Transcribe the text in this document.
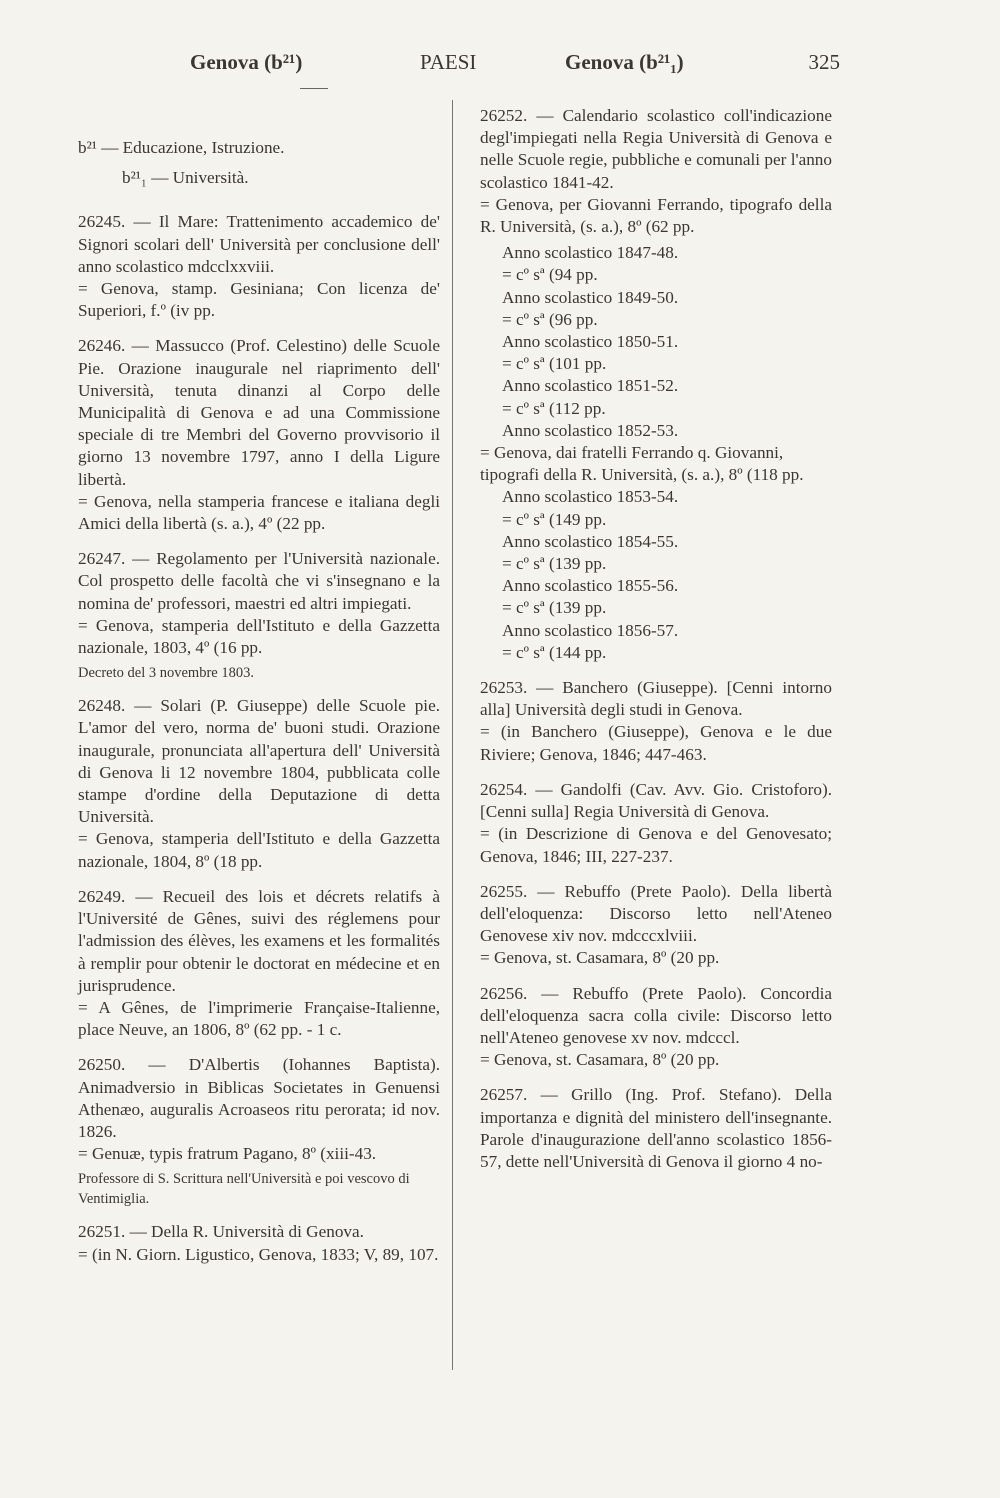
Genova (b²¹)	PAESI	Genova (b²¹₁)	325

b²¹ — Educazione, Istruzione.

b²¹₁ — Università.

26245. — Il Mare: Trattenimento accademico de' Signori scolari dell' Università per conclusione dell' anno scolastico mdcclxxviii.
= Genova, stamp. Gesiniana; Con licenza de' Superiori, f.º (iv pp.

26246. — Massucco (Prof. Celestino) delle Scuole Pie. Orazione inaugurale nel riaprimento dell' Università, tenuta dinanzi al Corpo delle Municipalità di Genova e ad una Commissione speciale di tre Membri del Governo provvisorio il giorno 13 novembre 1797, anno I della Ligure libertà.
= Genova, nella stamperia francese e italiana degli Amici della libertà (s. a.), 4º (22 pp.

26247. — Regolamento per l'Università nazionale. Col prospetto delle facoltà che vi s'insegnano e la nomina de' professori, maestri ed altri impiegati.
= Genova, stamperia dell'Istituto e della Gazzetta nazionale, 1803, 4º (16 pp.

Decreto del 3 novembre 1803.

26248. — Solari (P. Giuseppe) delle Scuole pie. L'amor del vero, norma de' buoni studi. Orazione inaugurale, pronunciata all'apertura dell' Università di Genova li 12 novembre 1804, pubblicata colle stampe d'ordine della Deputazione di detta Università.
= Genova, stamperia dell'Istituto e della Gazzetta nazionale, 1804, 8º (18 pp.

26249. — Recueil des lois et décrets relatifs à l'Université de Gênes, suivi des réglemens pour l'admission des élèves, les examens et les formalités à remplir pour obtenir le doctorat en médecine et en jurisprudence.
= A Gênes, de l'imprimerie Française-Italienne, place Neuve, an 1806, 8º (62 pp. - 1 c.

26250. — D'Albertis (Iohannes Baptista). Animadversio in Biblicas Societates in Genuensi Athenæo, auguralis Acroaseos ritu perorata; id nov. 1826.
= Genuæ, typis fratrum Pagano, 8º (xiii-43.

Professore di S. Scrittura nell'Università e poi vescovo di Ventimiglia.

26251. — Della R. Università di Genova.
= (in N. Giorn. Ligustico, Genova, 1833; V, 89, 107.

26252. — Calendario scolastico coll'indicazione degl'impiegati nella Regia Università di Genova e nelle Scuole regie, pubbliche e comunali per l'anno scolastico 1841-42.
= Genova, per Giovanni Ferrando, tipografo della R. Università, (s. a.), 8º (62 pp.

Anno scolastico 1847-48.

= cº sª (94 pp.

Anno scolastico 1849-50.

= cº sª (96 pp.

Anno scolastico 1850-51.

= cº sª (101 pp.

Anno scolastico 1851-52.

= cº sª (112 pp.

Anno scolastico 1852-53.

= Genova, dai fratelli Ferrando q. Giovanni, tipografi della R. Università, (s. a.), 8º (118 pp.

Anno scolastico 1853-54.

= cº sª (149 pp.

Anno scolastico 1854-55.

= cº sª (139 pp.

Anno scolastico 1855-56.

= cº sª (139 pp.

Anno scolastico 1856-57.

= cº sª (144 pp.

26253. — Banchero (Giuseppe). [Cenni intorno alla] Università degli studi in Genova.
= (in Banchero (Giuseppe), Genova e le due Riviere; Genova, 1846; 447-463.

26254. — Gandolfi (Cav. Avv. Gio. Cristoforo). [Cenni sulla] Regia Università di Genova.
= (in Descrizione di Genova e del Genovesato; Genova, 1846; III, 227-237.

26255. — Rebuffo (Prete Paolo). Della libertà dell'eloquenza: Discorso letto nell'Ateneo Genovese xiv nov. mdcccxlviii.
= Genova, st. Casamara, 8º (20 pp.

26256. — Rebuffo (Prete Paolo). Concordia dell'eloquenza sacra colla civile: Discorso letto nell'Ateneo genovese xv nov. mdcccl.
= Genova, st. Casamara, 8º (20 pp.

26257. — Grillo (Ing. Prof. Stefano). Della importanza e dignità del ministero dell'insegnante. Parole d'inaugurazione dell'anno scolastico 1856-57, dette nell'Università di Genova il giorno 4 no-
